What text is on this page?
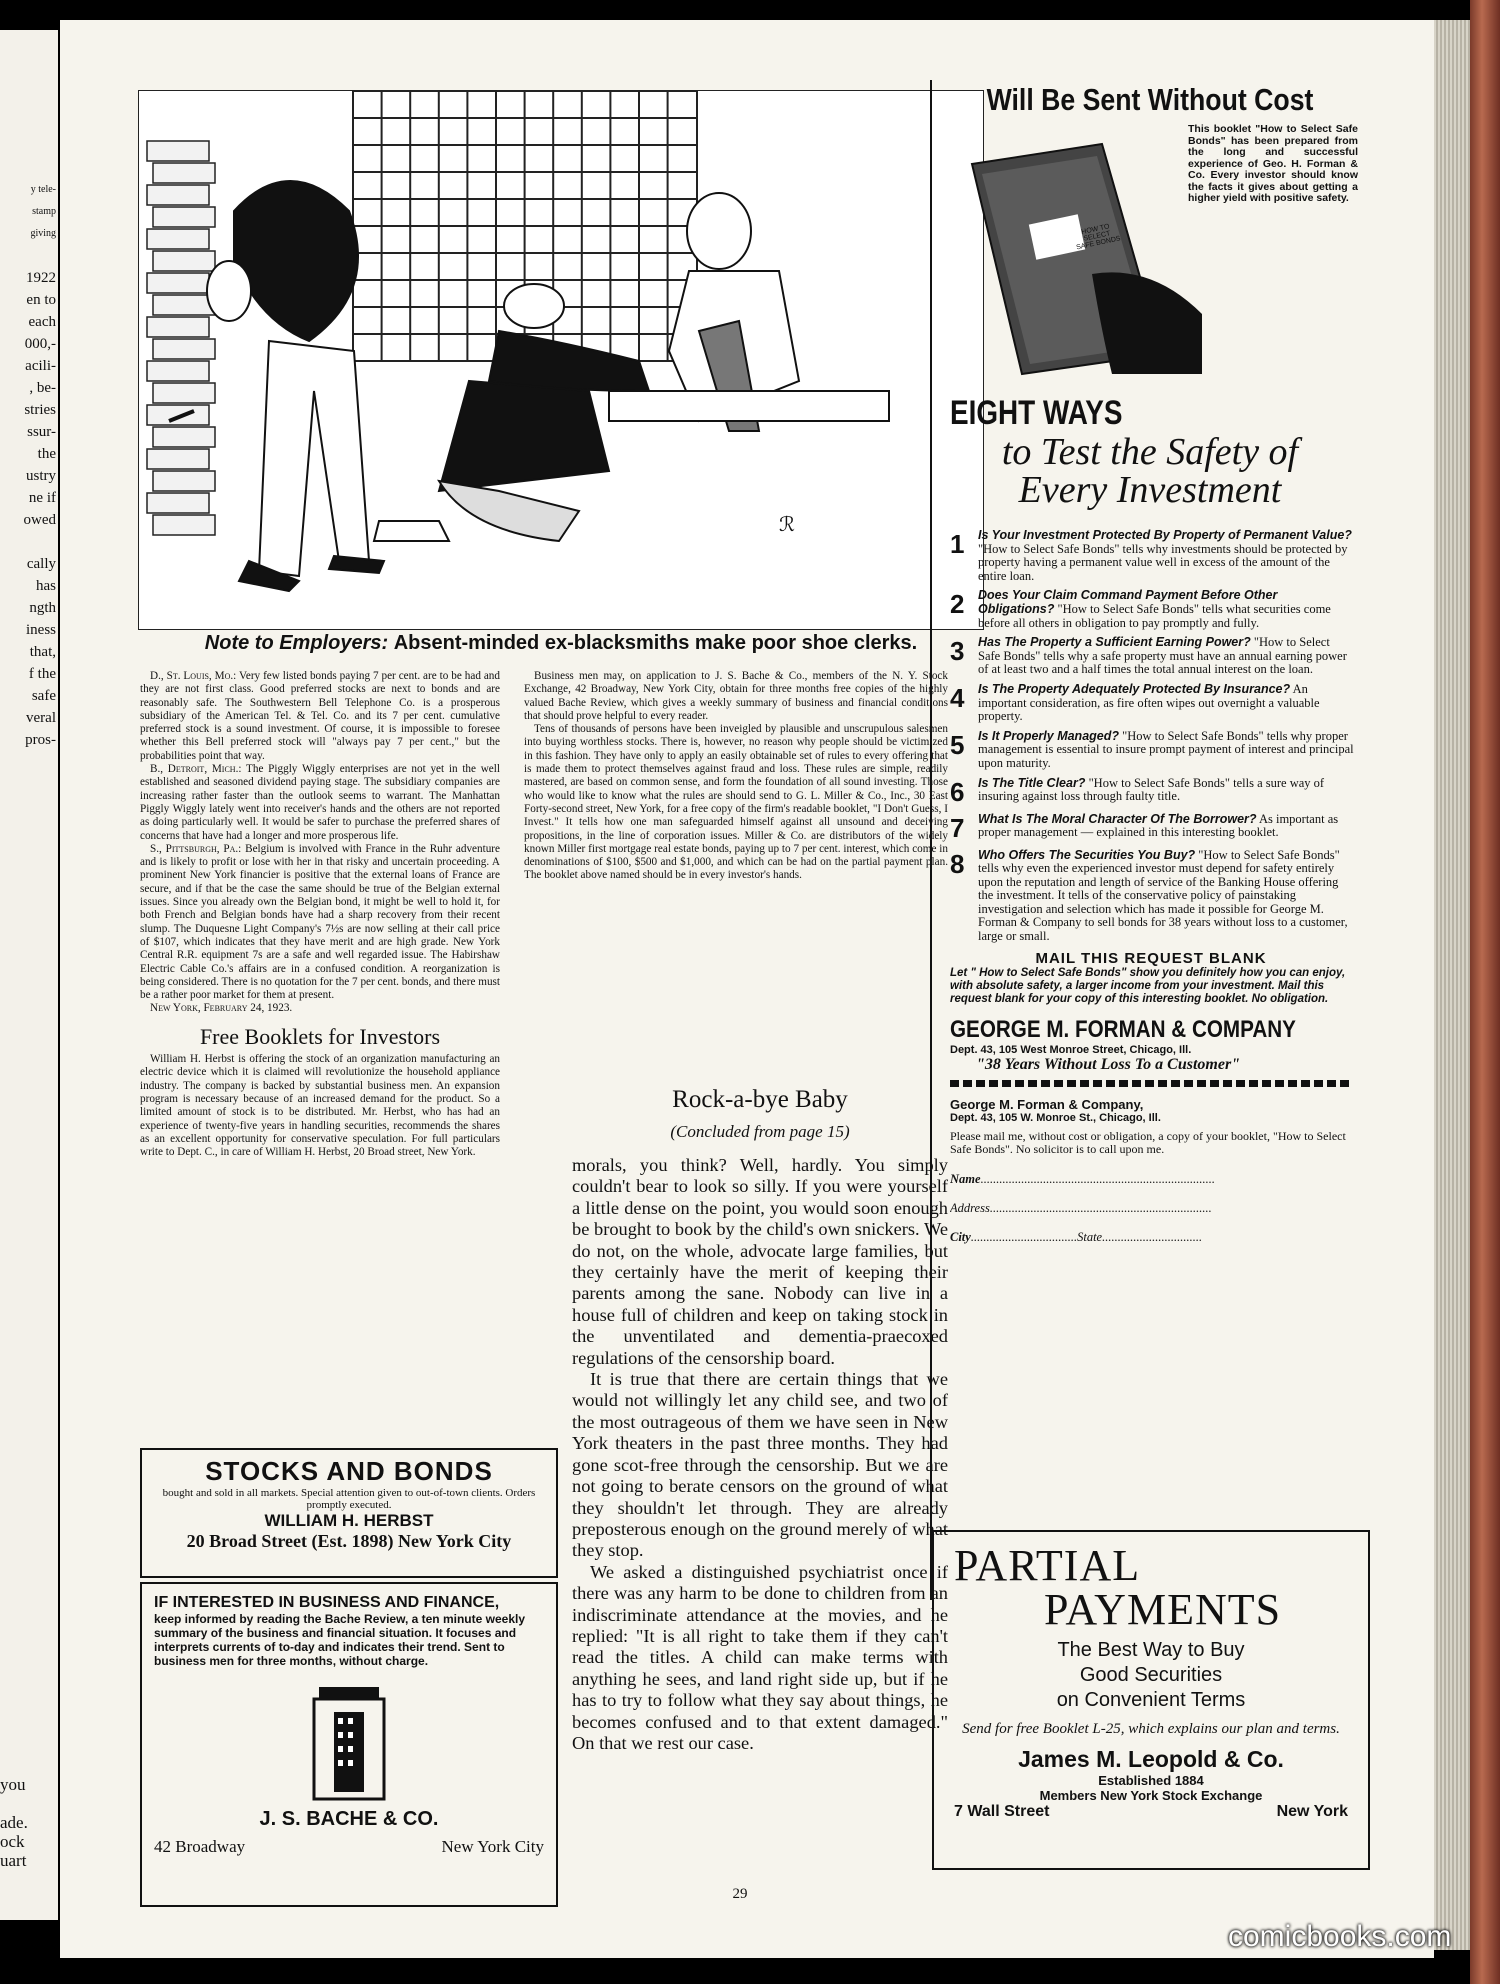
y tele-

stamp

giving

1922

en to

each

000,-

acili-

, be-

stries

ssur-

the

ustry

ne if

owed

cally

has

ngth

iness

that,

f the

safe

veral

pros-

you

ade.

ock

uart

ℛ
Note to Employers: Absent-minded ex-blacksmiths make poor shoe clerks.

D., St. Louis, Mo.: Very few listed bonds paying 7 per cent. are to be had and they are not first class. Good preferred stocks are next to bonds and are reasonably safe. The Southwestern Bell Telephone Co. is a prosperous subsidiary of the American Tel. & Tel. Co. and its 7 per cent. cumulative preferred stock is a sound investment. Of course, it is impossible to foresee whether this Bell preferred stock will "always pay 7 per cent.," but the probabilities point that way.

B., Detroit, Mich.: The Piggly Wiggly enterprises are not yet in the well established and seasoned dividend paying stage. The subsidiary companies are increasing rather faster than the outlook seems to warrant. The Manhattan Piggly Wiggly lately went into receiver's hands and the others are not reported as doing particularly well. It would be safer to purchase the preferred shares of concerns that have had a longer and more prosperous life.

S., Pittsburgh, Pa.: Belgium is involved with France in the Ruhr adventure and is likely to profit or lose with her in that risky and uncertain proceeding. A prominent New York financier is positive that the external loans of France are secure, and if that be the case the same should be true of the Belgian external issues. Since you already own the Belgian bond, it might be well to hold it, for both French and Belgian bonds have had a sharp recovery from their recent slump. The Duquesne Light Company's 7½s are now selling at their call price of $107, which indicates that they have merit and are high grade. New York Central R.R. equipment 7s are a safe and well regarded issue. The Habirshaw Electric Cable Co.'s affairs are in a confused condition. A reorganization is being considered. There is no quotation for the 7 per cent. bonds, and there must be a rather poor market for them at present.

New York, February 24, 1923.

Free Booklets for Investors

William H. Herbst is offering the stock of an organization manufacturing an electric device which it is claimed will revolutionize the household appliance industry. The company is backed by substantial business men. An expansion program is necessary because of an increased demand for the product. So a limited amount of stock is to be distributed. Mr. Herbst, who has had an experience of twenty-five years in handling securities, recommends the shares as an excellent opportunity for conservative speculation. For full particulars write to Dept. C., in care of William H. Herbst, 20 Broad street, New York.

STOCKS AND BONDS

bought and sold in all markets. Special attention given to out-of-town clients. Orders promptly executed.

WILLIAM H. HERBST
20 Broad Street (Est. 1898) New York City
IF INTERESTED IN BUSINESS AND FINANCE,

keep informed by reading the Bache Review, a ten minute weekly summary of the business and financial situation. It focuses and interprets currents of to-day and indicates their trend. Sent to business men for three months, without charge.

J. S. BACHE & CO.
42 Broadway	New York City

Business men may, on application to J. S. Bache & Co., members of the N. Y. Stock Exchange, 42 Broadway, New York City, obtain for three months free copies of the highly valued Bache Review, which gives a weekly summary of business and financial conditions that should prove helpful to every reader.

Tens of thousands of persons have been inveigled by plausible and unscrupulous salesmen into buying worthless stocks. There is, however, no reason why people should be victimized in this fashion. They have only to apply an easily obtainable set of rules to every offering that is made them to protect themselves against fraud and loss. These rules are simple, readily mastered, are based on common sense, and form the foundation of all sound investing. Those who would like to know what the rules are should send to G. L. Miller & Co., Inc., 30 East Forty-second street, New York, for a free copy of the firm's readable booklet, "I Don't Guess, I Invest." It tells how one man safeguarded himself against all unsound and deceiving propositions, in the line of corporation issues. Miller & Co. are distributors of the widely known Miller first mortgage real estate bonds, paying up to 7 per cent. interest, which come in denominations of $100, $500 and $1,000, and which can be had on the partial payment plan. The booklet above named should be in every investor's hands.

Rock-a-bye Baby
(Concluded from page 15)

morals, you think? Well, hardly. You simply couldn't bear to look so silly. If you were yourself a little dense on the point, you would soon enough be brought to book by the child's own snickers. We do not, on the whole, advocate large families, but they certainly have the merit of keeping their parents among the sane. Nobody can live in a house full of children and keep on taking stock in the unventilated and dementia-praecoxed regulations of the censorship board.

It is true that there are certain things that we would not willingly let any child see, and two of the most outrageous of them we have seen in New York theaters in the past three months. They had gone scot-free through the censorship. But we are not going to berate censors on the ground of what they shouldn't let through. They are already preposterous enough on the ground merely of what they stop.

We asked a distinguished psychiatrist once if there was any harm to be done to children from an indiscriminate attendance at the movies, and he replied: "It is all right to take them if they can't read the titles. A child can make terms with anything he sees, and land right side up, but if he has to try to follow what they say about things, he becomes confused and to that extent damaged." On that we rest our case.

Will Be Sent Without Cost
HOW TO SELECT SAFE BONDS
This booklet "How to Select Safe Bonds" has been prepared from the long and successful experience of Geo. H. Forman & Co. Every investor should know the facts it gives about getting a higher yield with positive safety.
EIGHT WAYS
to Test the Safety of
Every Investment
1	Is Your Investment Protected By Property of Permanent Value? "How to Select Safe Bonds" tells why investments should be protected by property having a permanent value well in excess of the amount of the entire loan.
2	Does Your Claim Command Payment Before Other Obligations? "How to Select Safe Bonds" tells what securities come before all others in obligation to pay promptly and fully.
3	Has The Property a Sufficient Earning Power? "How to Select Safe Bonds" tells why a safe property must have an annual earning power of at least two and a half times the total annual interest on the loan.
4	Is The Property Adequately Protected By Insurance? An important consideration, as fire often wipes out overnight a valuable property.
5	Is It Properly Managed? "How to Select Safe Bonds" tells why proper management is essential to insure prompt payment of interest and principal upon maturity.
6	Is The Title Clear? "How to Select Safe Bonds" tells a sure way of insuring against loss through faulty title.
7	What Is The Moral Character Of The Borrower? As important as proper management — explained in this interesting booklet.
8	Who Offers The Securities You Buy? "How to Select Safe Bonds" tells why even the experienced investor must depend for safety entirely upon the reputation and length of service of the Banking House offering the investment. It tells of the conservative policy of painstaking investigation and selection which has made it possible for George M. Forman & Company to sell bonds for 38 years without loss to a customer, large or small.
MAIL THIS REQUEST BLANK
Let " How to Select Safe Bonds" show you definitely how you can enjoy, with absolute safety, a larger income from your investment. Mail this request blank for your copy of this interesting booklet. No obligation.
GEORGE M. FORMAN & COMPANY
Dept. 43, 105 West Monroe Street, Chicago, Ill.
"38 Years Without Loss To a Customer"
George M. Forman & Company,
Dept. 43, 105 W. Monroe St., Chicago, Ill.
Please mail me, without cost or obligation, a copy of your booklet, "How to Select Safe Bonds". No solicitor is to call upon me.
Name...........................................................................
Address.......................................................................
City..................................State................................
PARTIAL
PAYMENTS
The Best Way to Buy
Good Securities
on Convenient Terms
Send for free Booklet L-25, which explains our plan and terms.
James M. Leopold & Co.
Established 1884
Members New York Stock Exchange
7 Wall Street	New York
29
comicbooks.com
